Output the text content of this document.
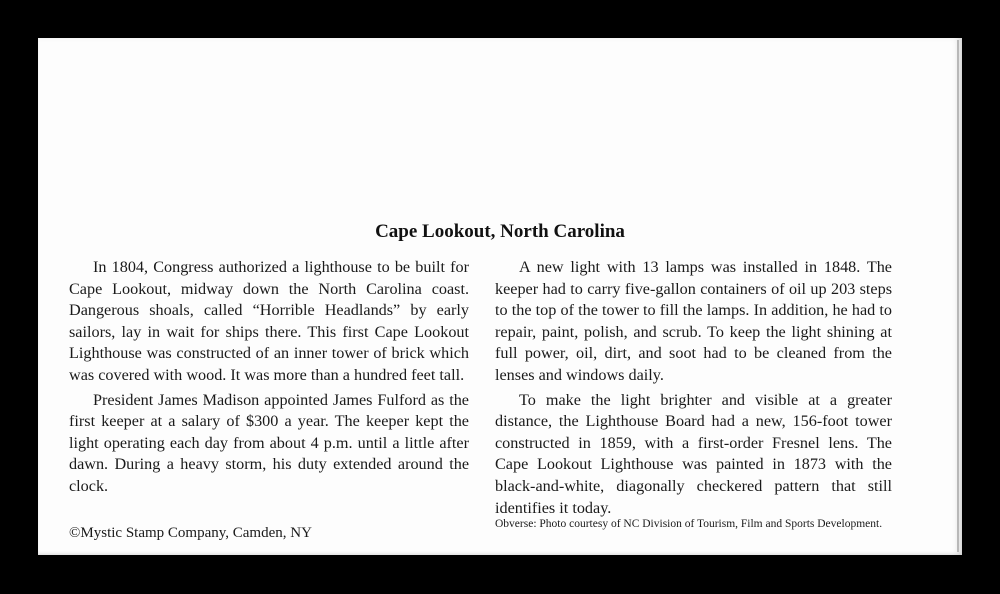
Cape Lookout, North Carolina

In 1804, Congress authorized a lighthouse to be built for Cape Lookout, midway down the North Carolina coast. Dangerous shoals, called “Horrible Headlands” by early sailors, lay in wait for ships there. This first Cape Lookout Lighthouse was constructed of an inner tower of brick which was covered with wood. It was more than a hundred feet tall.

President James Madison appointed James Fulford as the first keeper at a salary of $300 a year. The keeper kept the light operating each day from about 4 p.m. until a little after dawn. During a heavy storm, his duty extended around the clock.

A new light with 13 lamps was installed in 1848. The keeper had to carry five-gallon containers of oil up 203 steps to the top of the tower to fill the lamps. In addition, he had to repair, paint, polish, and scrub. To keep the light shining at full power, oil, dirt, and soot had to be cleaned from the lenses and windows daily.

To make the light brighter and visible at a greater distance, the Lighthouse Board had a new, 156-foot tower constructed in 1859, with a first-order Fresnel lens. The Cape Lookout Lighthouse was painted in 1873 with the black-and-white, diagonally checkered pattern that still identifies it today.

©Mystic Stamp Company, Camden, NY

Obverse: Photo courtesy of NC Division of Tourism, Film and Sports Development.
